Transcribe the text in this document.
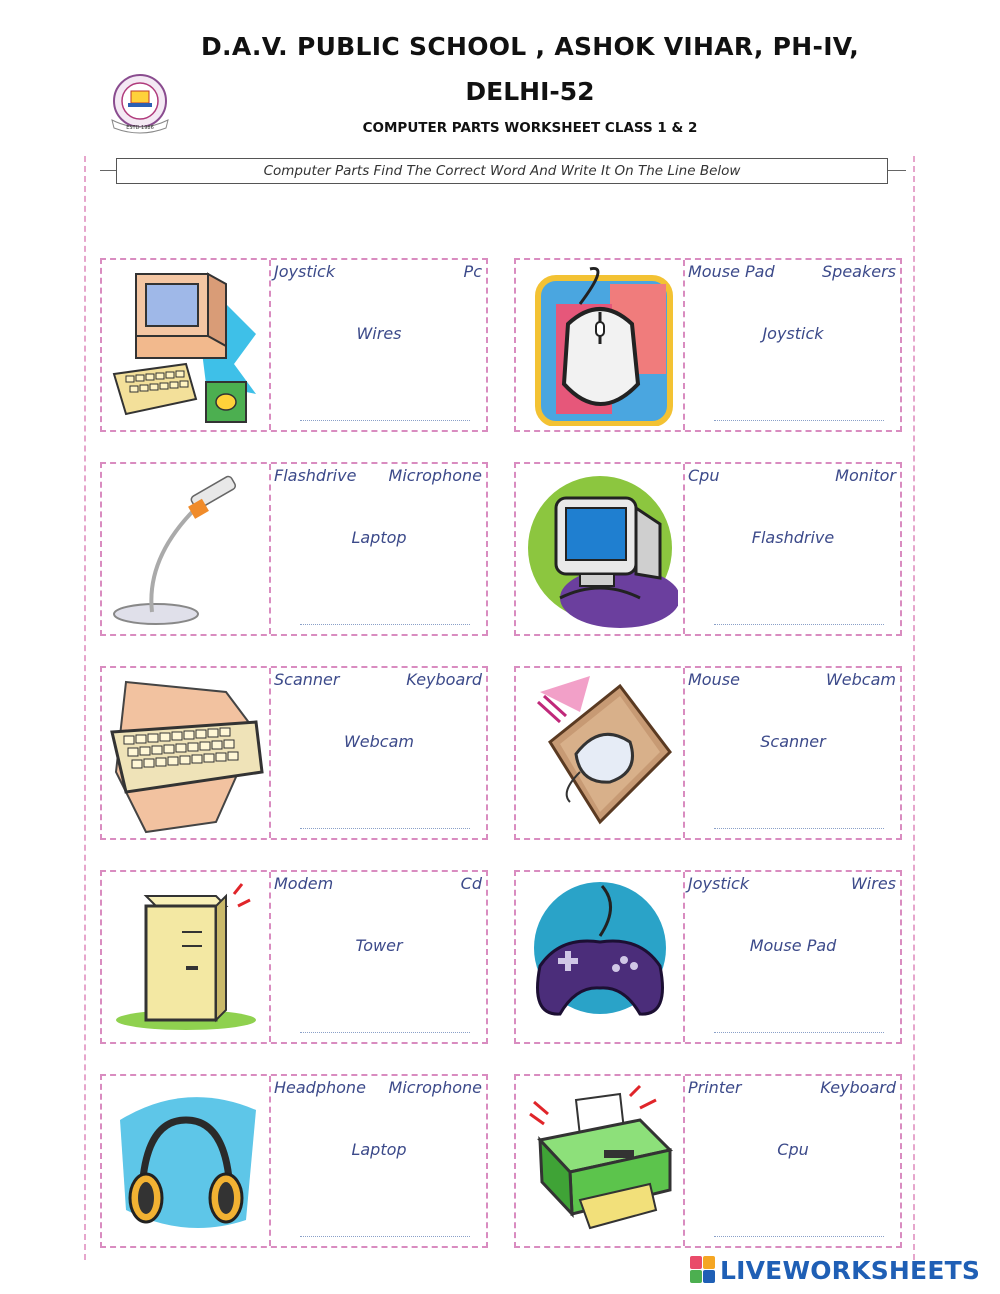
ESTD 1986
D.A.V. PUBLIC SCHOOL , ASHOK VIHAR, PH-IV,
DELHI-52
COMPUTER PARTS WORKSHEET CLASS 1 & 2
Computer Parts Find The Correct Word And Write It On The Line Below
Joystick	Pc
Wires
Mouse Pad	Speakers
Joystick
Flashdrive Microphone
Laptop
Cpu	Monitor
Flashdrive
Scanner	Keyboard
Webcam
Mouse	Webcam
Scanner
Modem	Cd
Tower
Joystick	Wires
Mouse Pad
Headphone Microphone
Laptop
Printer	Keyboard
Cpu
LIVEWORKSHEETS
